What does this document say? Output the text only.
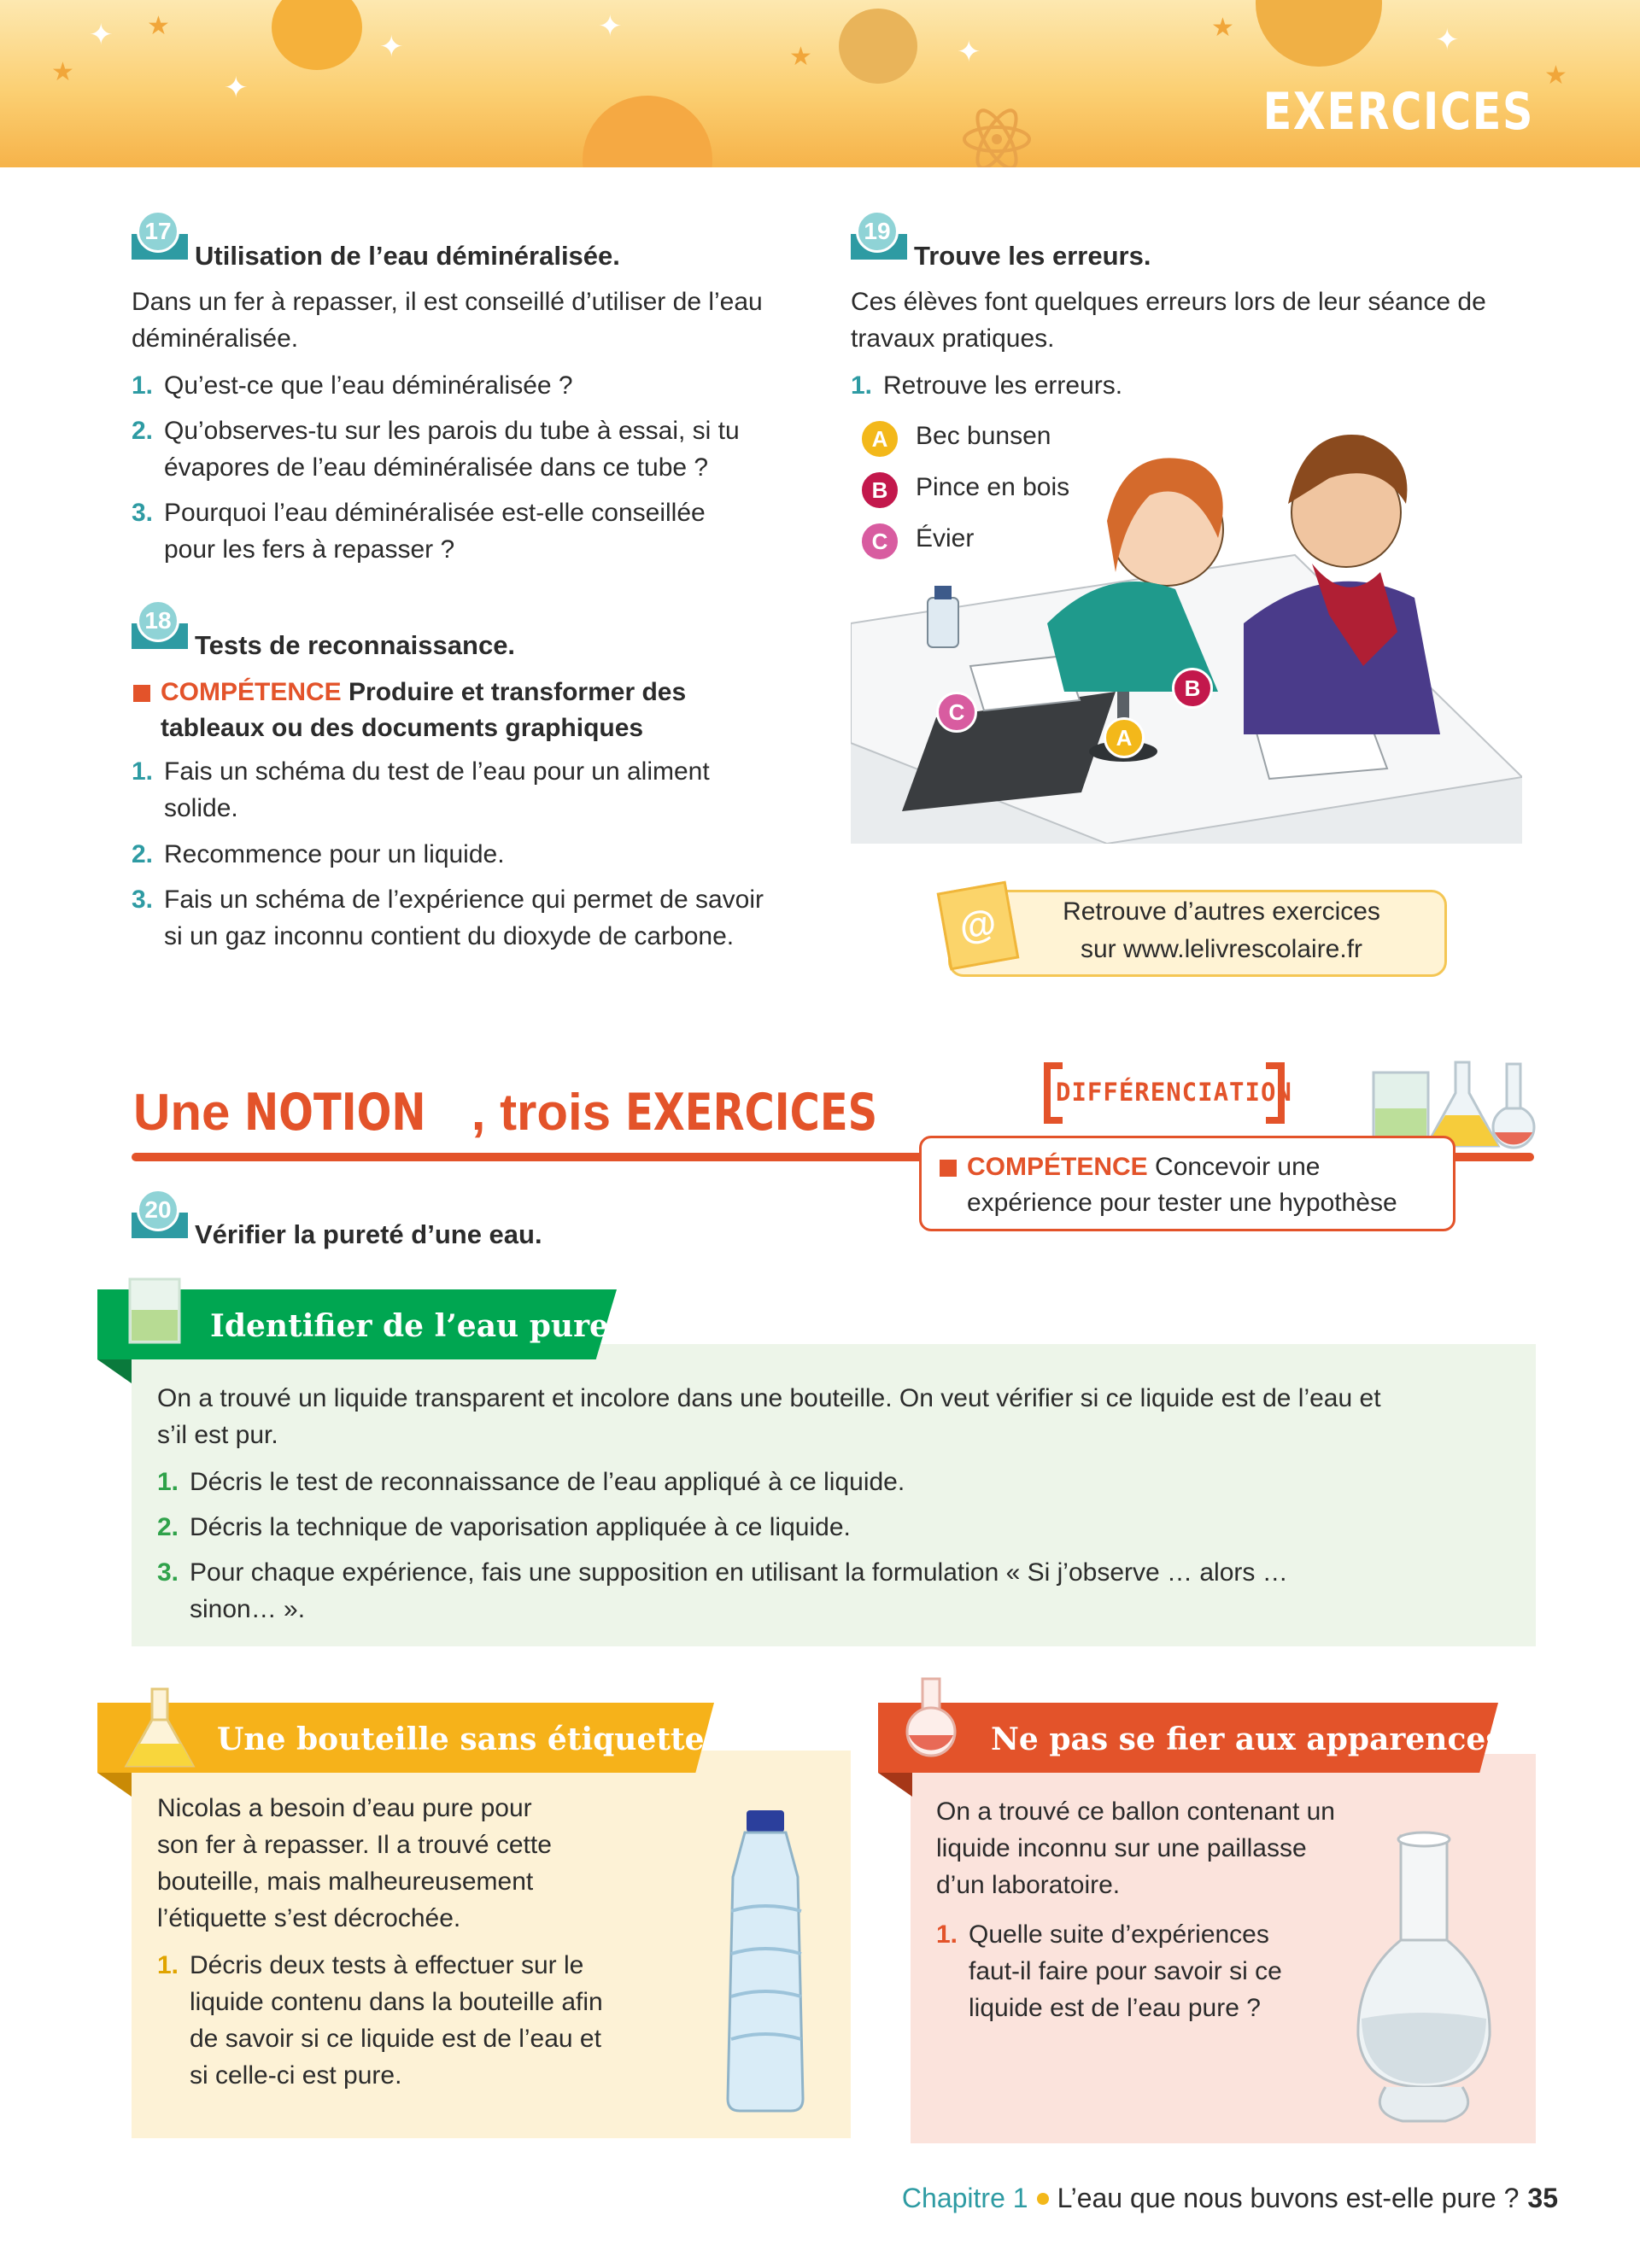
✦
★
★
✦
✦
✦
★	✦
★	✦
★
EXERCICES
17
Utilisation de l’eau déminéralisée.
Dans un fer à repasser, il est conseillé d’utiliser de l’eau
déminéralisée.
1. Qu’est-ce que l’eau déminéralisée ?
2. Qu’observes-tu sur les parois du tube à essai, si tu
évapores de l’eau déminéralisée dans ce tube ?
3. Pourquoi l’eau déminéralisée est-elle conseillée
pour les fers à repasser ?
18
Tests de reconnaissance.
COMPÉTENCE Produire et transformer des
tableaux ou des documents graphiques
1. Fais un schéma du test de l’eau pour un aliment
solide.
2. Recommence pour un liquide.
3. Fais un schéma de l’expérience qui permet de savoir
si un gaz inconnu contient du dioxyde de carbone.
19
Trouve les erreurs.
Ces élèves font quelques erreurs lors de leur séance de
travaux pratiques.
1. Retrouve les erreurs.
A Bec bunsen
B Pince en bois
C Évier
C
B
A
@	Retrouve d’autres exercices
sur www.lelivrescolaire.fr
Une NOTION , trois EXERCICES	DIFFÉRENCIATION
COMPÉTENCE Concevoir une
expérience pour tester une hypothèse
20
Vérifier la pureté d’une eau.
Identifier de l’eau pure
On a trouvé un liquide transparent et incolore dans une bouteille. On veut vérifier si ce liquide est de l’eau et
s’il est pur.
1. Décris le test de reconnaissance de l’eau appliqué à ce liquide.
2. Décris la technique de vaporisation appliquée à ce liquide.
3. Pour chaque expérience, fais une supposition en utilisant la formulation « Si j’observe … alors …
sinon… ».
Une bouteille sans étiquette
Nicolas a besoin d’eau pure pour
son fer à repasser. Il a trouvé cette
bouteille, mais malheureusement
l’étiquette s’est décrochée.
1. Décris deux tests à effectuer sur le
liquide contenu dans la bouteille afin
de savoir si ce liquide est de l’eau et
si celle-ci est pure.
Ne pas se fier aux apparences
On a trouvé ce ballon contenant un
liquide inconnu sur une paillasse
d’un laboratoire.
1. Quelle suite d’expériences
faut-il faire pour savoir si ce
liquide est de l’eau pure ?
Chapitre 1 L’eau que nous buvons est-elle pure ? 35
